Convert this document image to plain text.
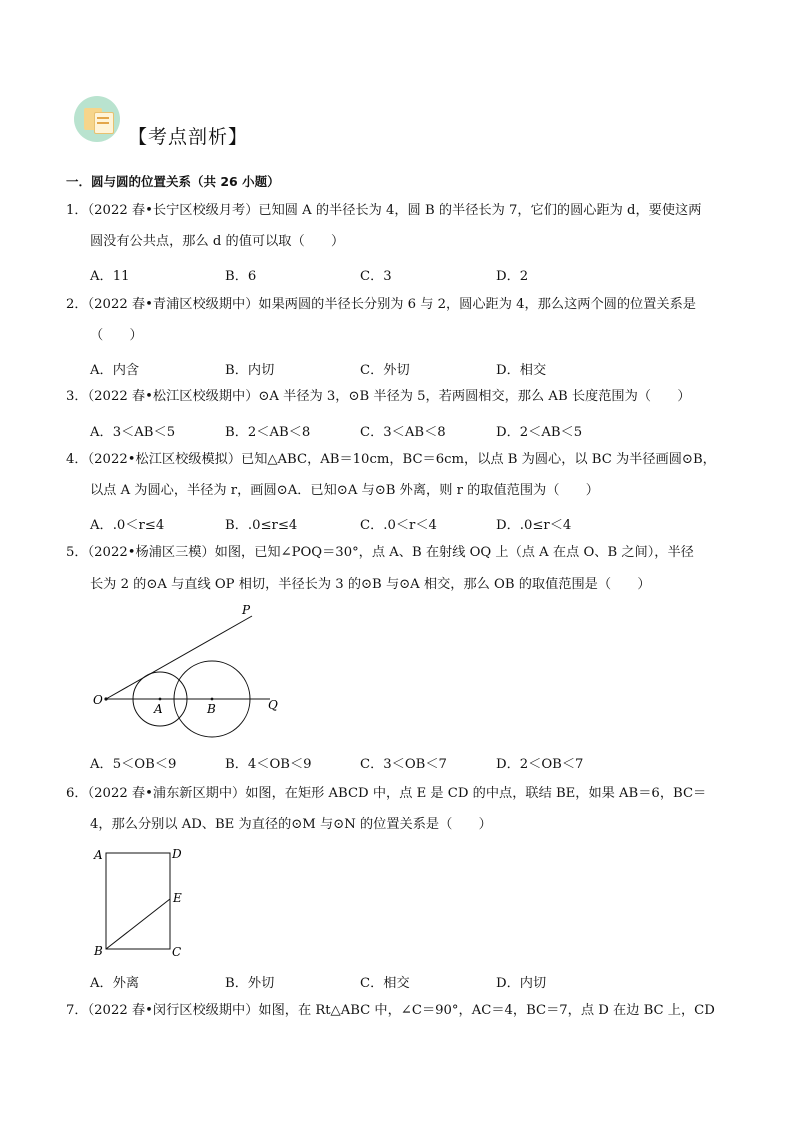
【考点剖析】
一．圆与圆的位置关系（共 26 小题）
1．（2022 春•长宁区校级月考）已知圆 A 的半径长为 4，圆 B 的半径长为 7，它们的圆心距为 d，要使这两
圆没有公共点，那么 d 的值可以取（　　）
A．11	B．6	C．3	D．2
2．（2022 春•青浦区校级期中）如果两圆的半径长分别为 6 与 2，圆心距为 4，那么这两个圆的位置关系是
（　　）
A．内含	B．内切	C．外切	D．相交
3．（2022 春•松江区校级期中）⊙A 半径为 3，⊙B 半径为 5，若两圆相交，那么 AB 长度范围为（　　）
A．3＜AB＜5	B．2＜AB＜8	C．3＜AB＜8	D．2＜AB＜5
4．（2022•松江区校级模拟）已知△ABC，AB＝10cm，BC＝6cm，以点 B 为圆心，以 BC 为半径画圆⊙B，
以点 A 为圆心，半径为 r，画圆⊙A．已知⊙A 与⊙B 外离，则 r 的取值范围为（　　）
A．.0＜r≤4	B．.0≤r≤4	C．.0＜r＜4	D．.0≤r＜4
5．（2022•杨浦区三模）如图，已知∠POQ＝30°，点 A、B 在射线 OQ 上（点 A 在点 O、B 之间），半径
长为 2 的⊙A 与直线 OP 相切，半径长为 3 的⊙B 与⊙A 相交，那么 OB 的取值范围是（　　）
P
O
A	B	Q
A．5＜OB＜9	B．4＜OB＜9	C．3＜OB＜7	D．2＜OB＜7
6．（2022 春•浦东新区期中）如图，在矩形 ABCD 中，点 E 是 CD 的中点，联结 BE，如果 AB＝6，BC＝
4，那么分别以 AD、BE 为直径的⊙M 与⊙N 的位置关系是（　　）
A	D
E
B	C
A．外离	B．外切	C．相交	D．内切
7．（2022 春•闵行区校级期中）如图，在 Rt△ABC 中，∠C＝90°，AC＝4，BC＝7，点 D 在边 BC 上，CD
